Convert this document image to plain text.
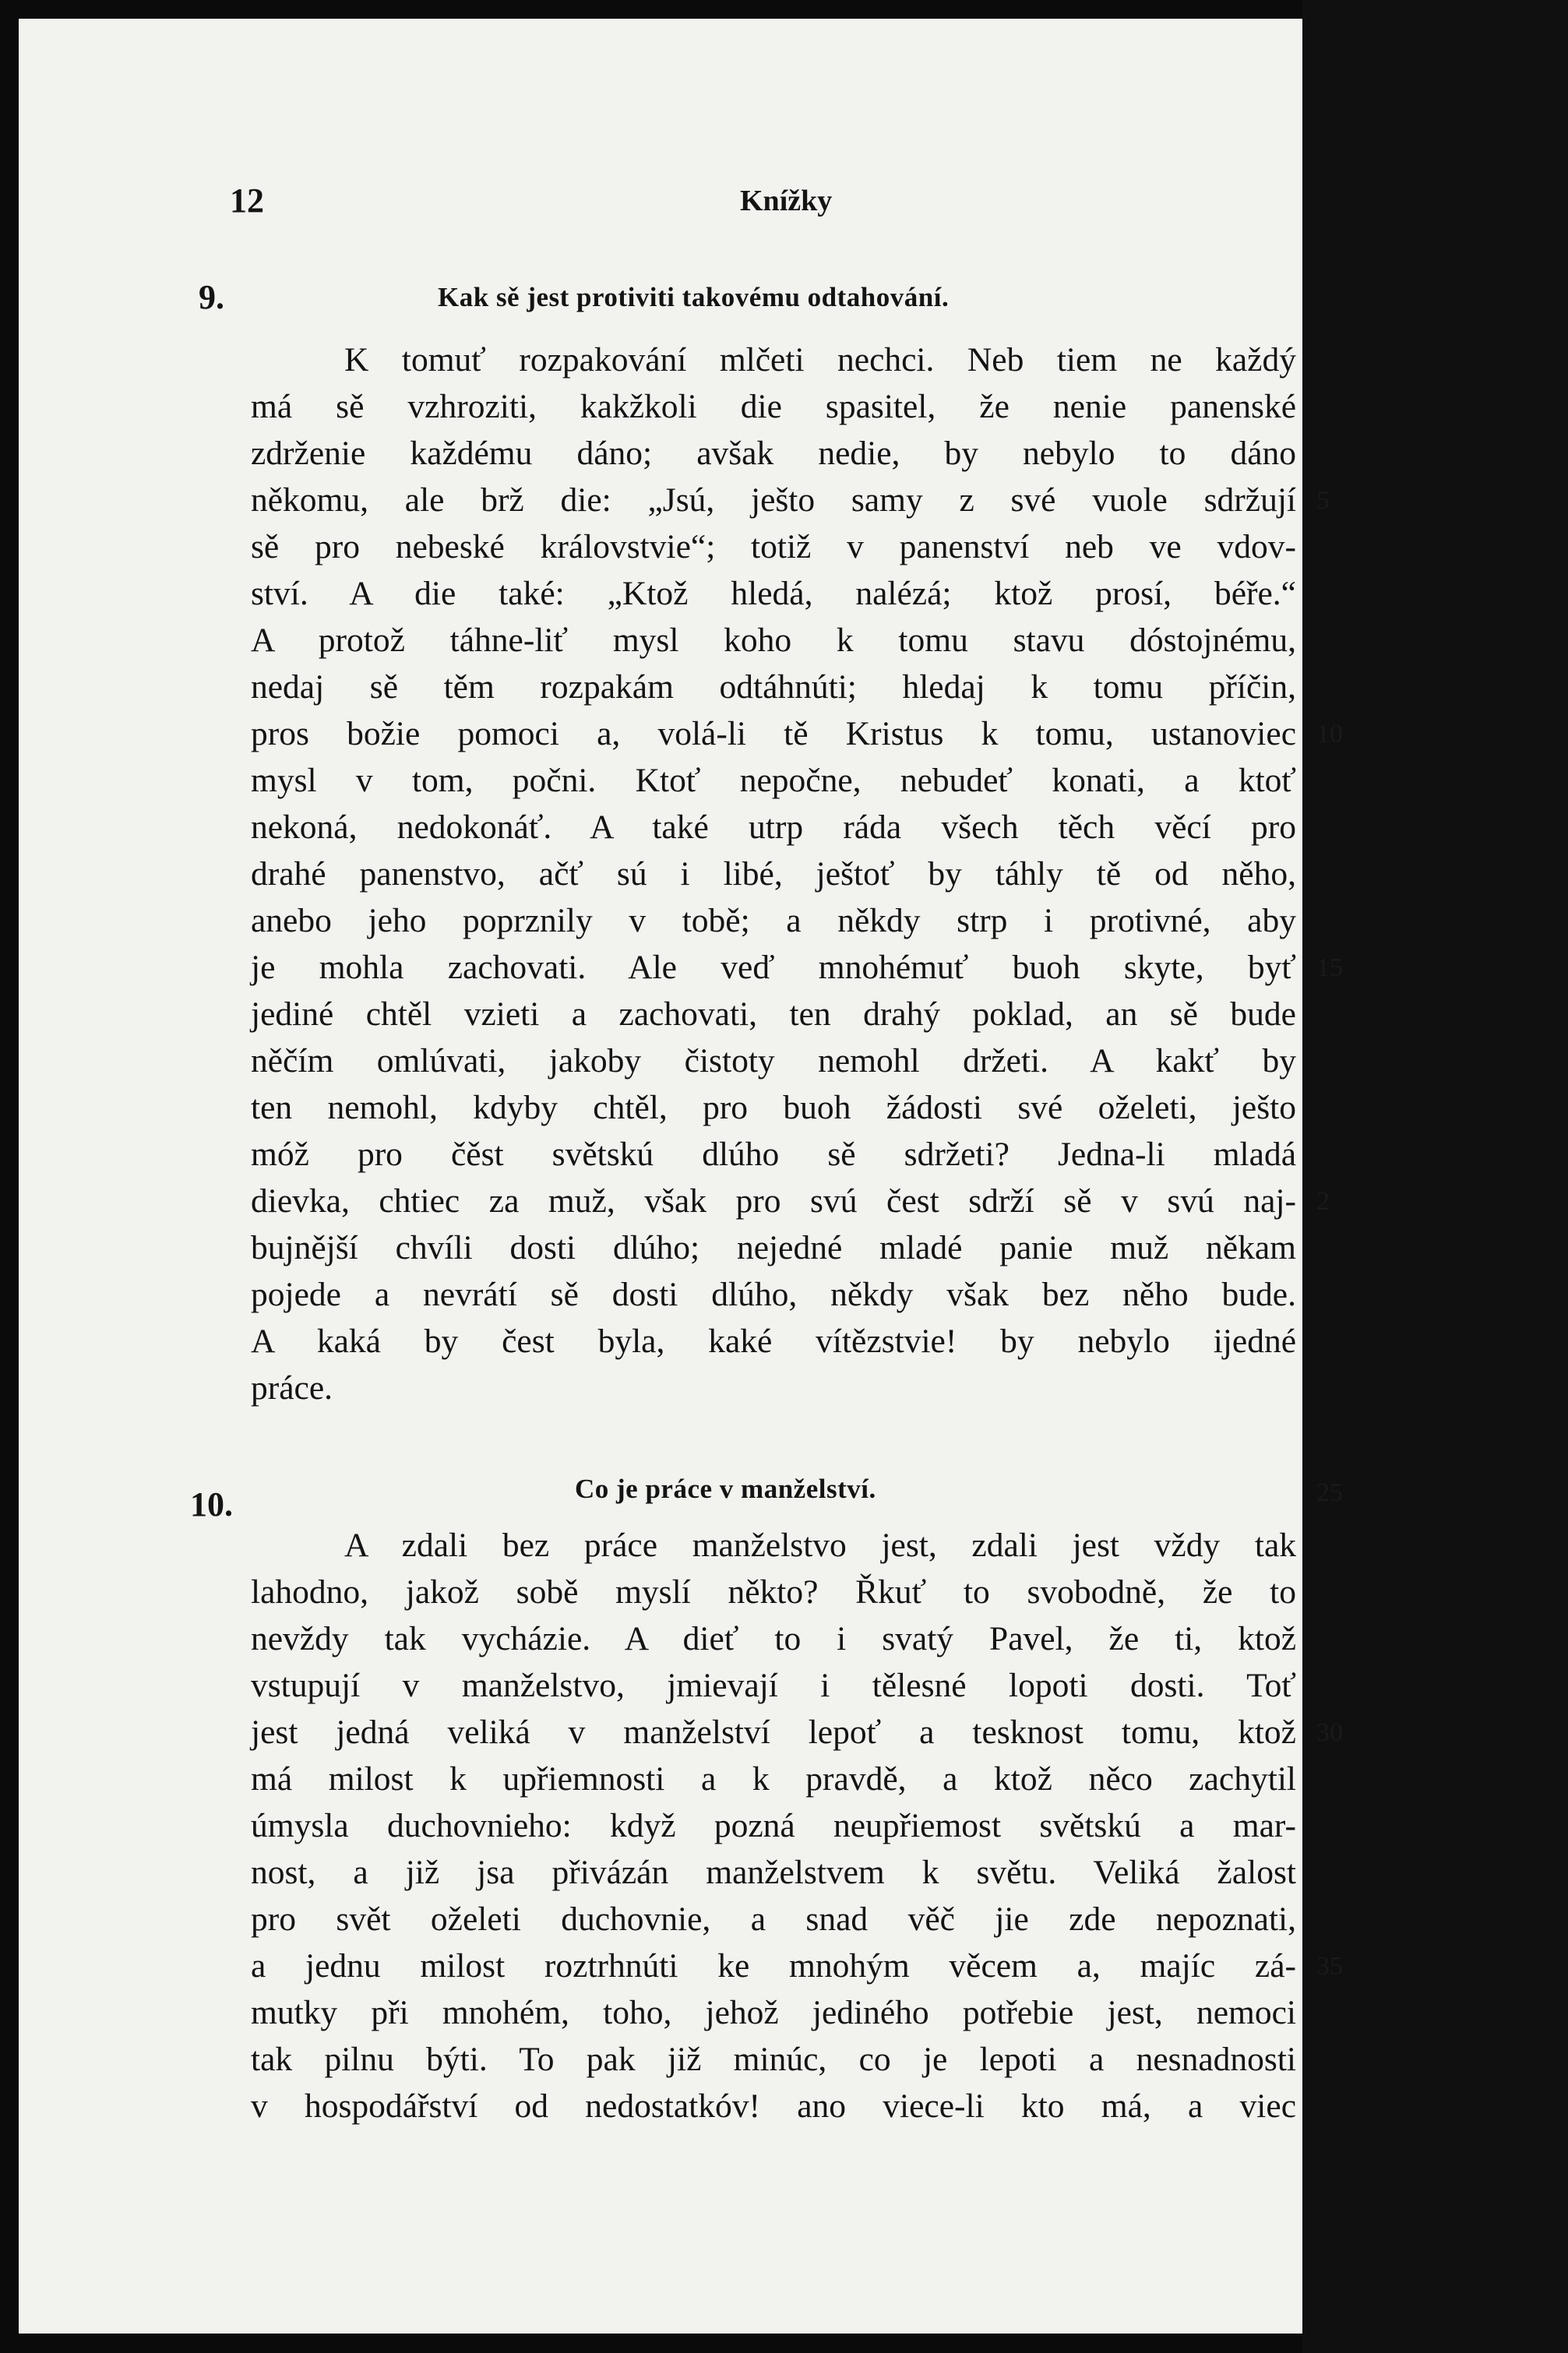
12	Knížky
9.	Kak sě jest protiviti takovému odtahování.

K tomuť rozpakování mlčeti nechci. Neb tiem ne každý

má sě vzhroziti, kakžkoli die spasitel, že nenie panenské

zdrženie každému dáno; avšak nedie, by nebylo to dáno

někomu, ale brž die: „Jsú, ješto samy z své vuole sdržují

sě pro nebeské královstvie“; totiž v panenství neb ve vdov-

ství. A die také: „Ktož hledá, nalézá; ktož prosí, béře.“

A protož táhne-liť mysl koho k tomu stavu dóstojnému,

nedaj sě těm rozpakám odtáhnúti; hledaj k tomu příčin,

pros božie pomoci a, volá-li tě Kristus k tomu, ustanoviec

mysl v tom, počni. Ktoť nepočne, nebudeť konati, a ktoť

nekoná, nedokonáť. A také utrp ráda všech těch věcí pro

drahé panenstvo, ačť sú i libé, ještoť by táhly tě od něho,

anebo jeho poprznily v tobě; a někdy strp i protivné, aby

je mohla zachovati. Ale veď mnohémuť buoh skyte, byť

jediné chtěl vzieti a zachovati, ten drahý poklad, an sě bude

něčím omlúvati, jakoby čistoty nemohl držeti. A kakť by

ten nemohl, kdyby chtěl, pro buoh žádosti své oželeti, ješto

móž pro čěst světskú dlúho sě sdržeti? Jedna-li mladá

dievka, chtiec za muž, však pro svú čest sdrží sě v svú naj-

bujnější chvíli dosti dlúho; nejedné mladé panie muž někam

pojede a nevrátí sě dosti dlúho, někdy však bez něho bude.

A kaká by čest byla, kaké vítězstvie! by nebylo ijedné

práce.

10.	Co je práce v manželství.

A zdali bez práce manželstvo jest, zdali jest vždy tak

lahodno, jakož sobě myslí někto? Řkuť to svobodně, že to

nevždy tak vycházie. A dieť to i svatý Pavel, že ti, ktož

vstupují v manželstvo, jmievají i tělesné lopoti dosti. Toť

jest jedná veliká v manželství lepoť a tesknost tomu, ktož

má milost k upřiemnosti a k pravdě, a ktož něco zachytil

úmysla duchovnieho: když pozná neupřiemost světskú a mar-

nost, a již jsa přivázán manželstvem k světu. Veliká žalost

pro svět oželeti duchovnie, a snad věč jie zde nepoznati,

a jednu milost roztrhnúti ke mnohým věcem a, majíc zá-

mutky při mnohém, toho, jehož jediného potřebie jest, nemoci

tak pilnu býti. To pak již minúc, co je lepoti a nesnadnosti

v hospodářství od nedostatkóv! ano viece-li kto má, a viec

5
10
15
2
25
30
35
